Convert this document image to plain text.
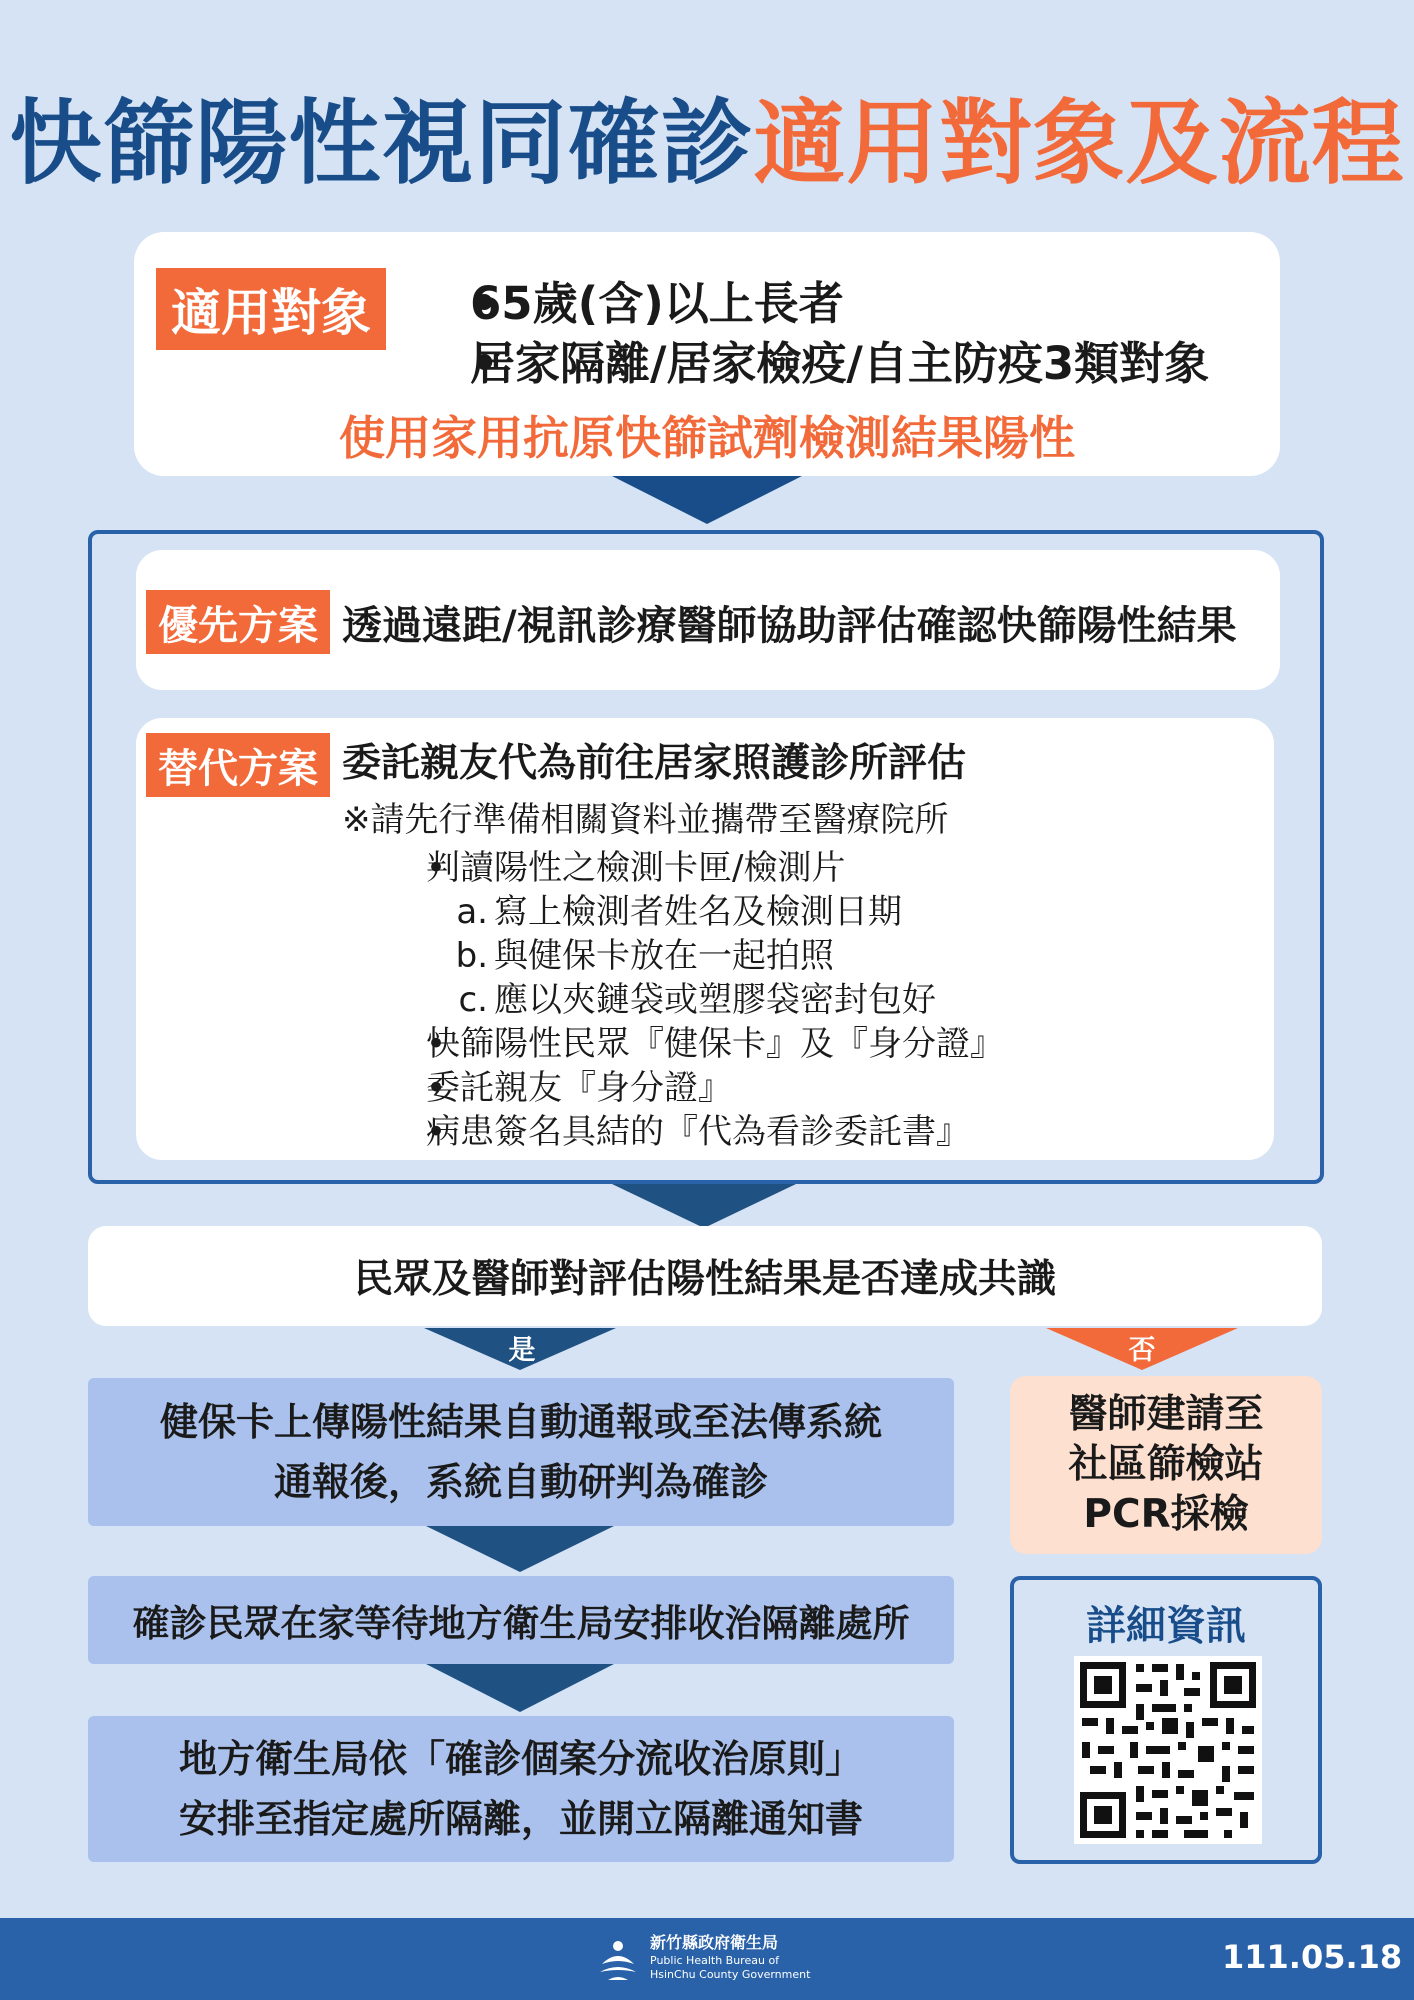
快篩陽性視同確診適用對象及流程
適用對象
•	65歲(含)以上長者
• 居家隔離/居家檢疫/自主防疫3類對象
使用家用抗原快篩試劑檢測結果陽性
優先方案 透過遠距/視訊診療醫師協助評估確認快篩陽性結果
替代方案 委託親友代為前往居家照護診所評估
※請先行準備相關資料並攜帶至醫療院所
• 判讀陽性之檢測卡匣/檢測片
a. 寫上檢測者姓名及檢測日期
b. 與健保卡放在一起拍照
c. 應以夾鏈袋或塑膠袋密封包好
• 快篩陽性民眾『健保卡』及『身分證』
• 委託親友『身分證』
• 病患簽名具結的『代為看診委託書』
民眾及醫師對評估陽性結果是否達成共識
是	否
健保卡上傳陽性結果自動通報或至法傳系統
通報後，系統自動研判為確診
確診民眾在家等待地方衛生局安排收治隔離處所
地方衛生局依「確診個案分流收治原則」
安排至指定處所隔離，並開立隔離通知書
醫師建請至
社區篩檢站
PCR採檢
詳細資訊
新竹縣政府衛生局
Public Health Bureau of
HsinChu County Government	111.05.18
